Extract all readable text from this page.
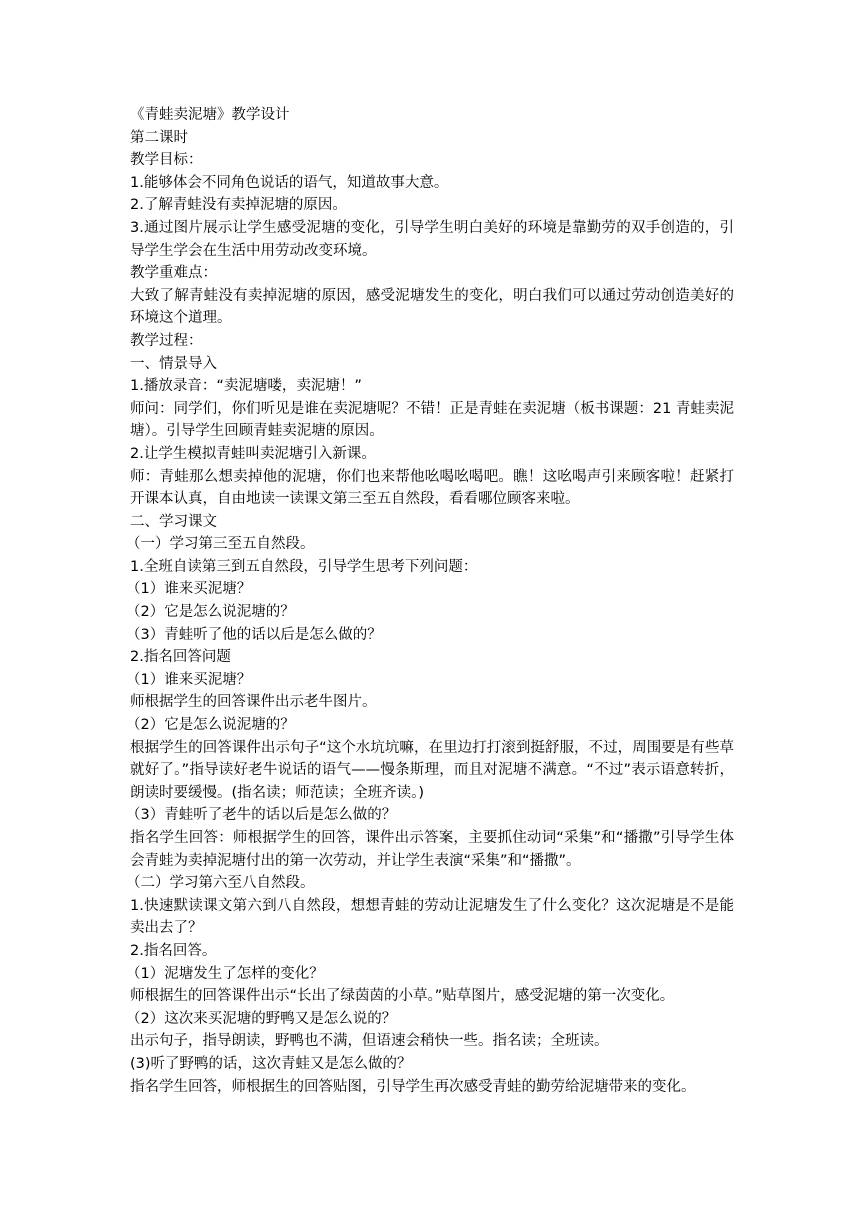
《青蛙卖泥塘》教学设计
第二课时
教学目标：
1.能够体会不同角色说话的语气，知道故事大意。
2.了解青蛙没有卖掉泥塘的原因。
3.通过图片展示让学生感受泥塘的变化，引导学生明白美好的环境是靠勤劳的双手创造的，引导学生学会在生活中用劳动改变环境。
教学重难点：
大致了解青蛙没有卖掉泥塘的原因，感受泥塘发生的变化，明白我们可以通过劳动创造美好的环境这个道理。
教学过程：
一、情景导入
1.播放录音：“卖泥塘喽，卖泥塘！”
师问：同学们，你们听见是谁在卖泥塘呢？不错！正是青蛙在卖泥塘（板书课题：21 青蛙卖泥塘）。引导学生回顾青蛙卖泥塘的原因。
2.让学生模拟青蛙叫卖泥塘引入新课。
师：青蛙那么想卖掉他的泥塘，你们也来帮他吆喝吆喝吧。瞧！这吆喝声引来顾客啦！赶紧打开课本认真，自由地读一读课文第三至五自然段，看看哪位顾客来啦。
二、学习课文
（一）学习第三至五自然段。
1.全班自读第三到五自然段，引导学生思考下列问题：
（1）谁来买泥塘？
（2）它是怎么说泥塘的？
（3）青蛙听了他的话以后是怎么做的？
2.指名回答问题
（1）谁来买泥塘？
师根据学生的回答课件出示老牛图片。
（2）它是怎么说泥塘的？
根据学生的回答课件出示句子“这个水坑坑嘛，在里边打打滚到挺舒服，不过，周围要是有些草就好了。”指导读好老牛说话的语气——慢条斯理，而且对泥塘不满意。“不过”表示语意转折，朗读时要缓慢。(指名读；师范读；全班齐读。)
（3）青蛙听了老牛的话以后是怎么做的？
指名学生回答：师根据学生的回答，课件出示答案，主要抓住动词“采集”和“播撒”引导学生体会青蛙为卖掉泥塘付出的第一次劳动，并让学生表演“采集”和“播撒”。
（二）学习第六至八自然段。
1.快速默读课文第六到八自然段，想想青蛙的劳动让泥塘发生了什么变化？这次泥塘是不是能卖出去了？
2.指名回答。
（1）泥塘发生了怎样的变化？
师根据生的回答课件出示“长出了绿茵茵的小草。”贴草图片，感受泥塘的第一次变化。
（2）这次来买泥塘的野鸭又是怎么说的？
出示句子，指导朗读，野鸭也不满，但语速会稍快一些。指名读；全班读。
(3)听了野鸭的话，这次青蛙又是怎么做的？
指名学生回答，师根据生的回答贴图，引导学生再次感受青蛙的勤劳给泥塘带来的变化。
